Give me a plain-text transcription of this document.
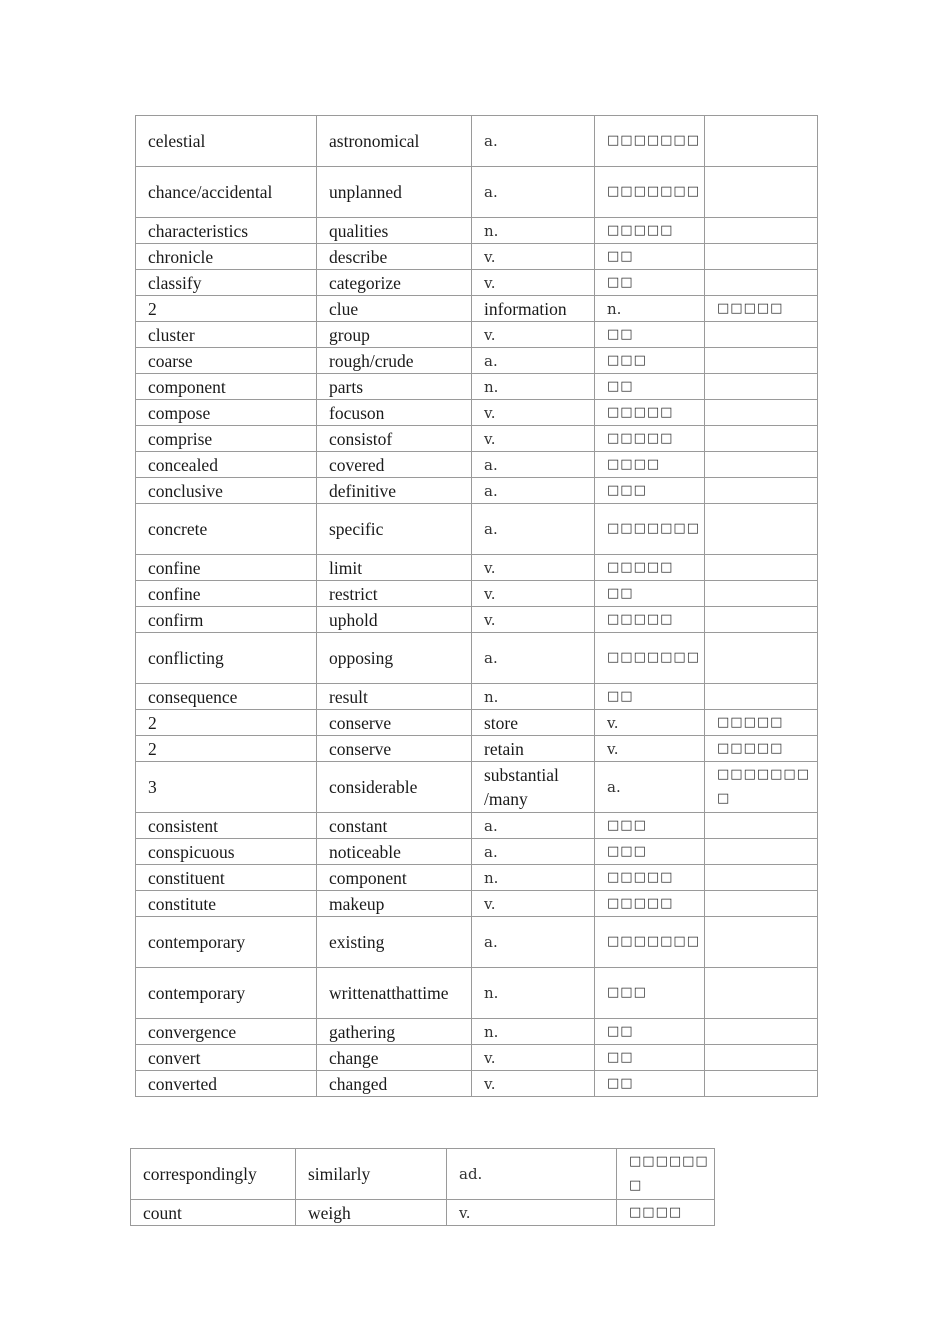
celestial	astronomical	a.	□□□□□□□	
chance/accidental	unplanned	a.	□□□□□□□	
characteristics	qualities	n.	□□□□□	
chronicle	describe	v.	□□	
classify	categorize	v.	□□	
2	clue	information	n.	□□□□□
cluster	group	v.	□□	
coarse	rough/crude	a.	□□□	
component	parts	n.	□□	
compose	focuson	v.	□□□□□	
comprise	consistof	v.	□□□□□	
concealed	covered	a.	□□□□	
conclusive	definitive	a.	□□□	
concrete	specific	a.	□□□□□□□	
confine	limit	v.	□□□□□	
confine	restrict	v.	□□	
confirm	uphold	v.	□□□□□	
conflicting	opposing	a.	□□□□□□□	
consequence	result	n.	□□	
2	conserve	store	v.	□□□□□
2	conserve	retain	v.	□□□□□
3	considerable	substantial /many	a.	□□□□□□□□
consistent	constant	a.	□□□	
conspicuous	noticeable	a.	□□□	
constituent	component	n.	□□□□□	
constitute	makeup	v.	□□□□□	
contemporary	existing	a.	□□□□□□□	
contemporary	writtenatthattime	n.	□□□	
convergence	gathering	n.	□□	
convert	change	v.	□□	
converted	changed	v.	□□	
correspondingly	similarly	ad.	□□□□□□□
count	weigh	v.	□□□□
